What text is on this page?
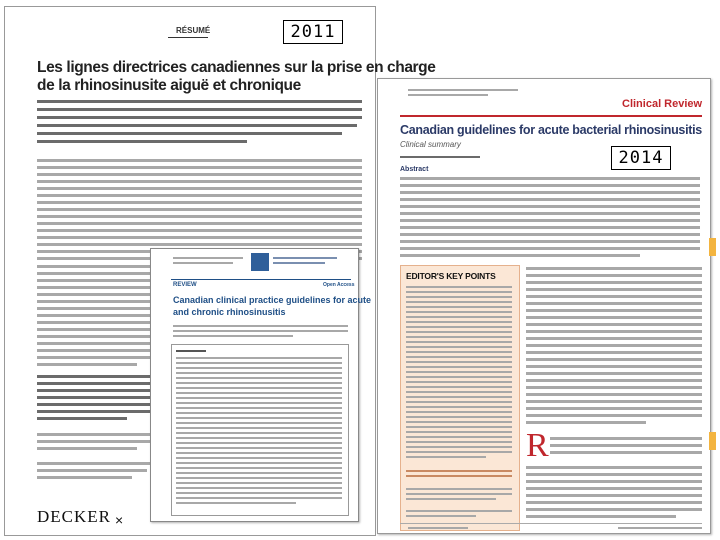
RÉSUMÉ
Les lignes directrices canadiennes sur la prise en charge
de la rhinosinusite aiguë et chronique
DECKER ×
REVIEW	Open Access
Canadian clinical practice guidelines for acute
and chronic rhinosinusitis
Clinical Review
Canadian guidelines for acute bacterial rhinosinusitis
Clinical summary
Abstract
EDITOR'S KEY POINTS
R
2011
2014
